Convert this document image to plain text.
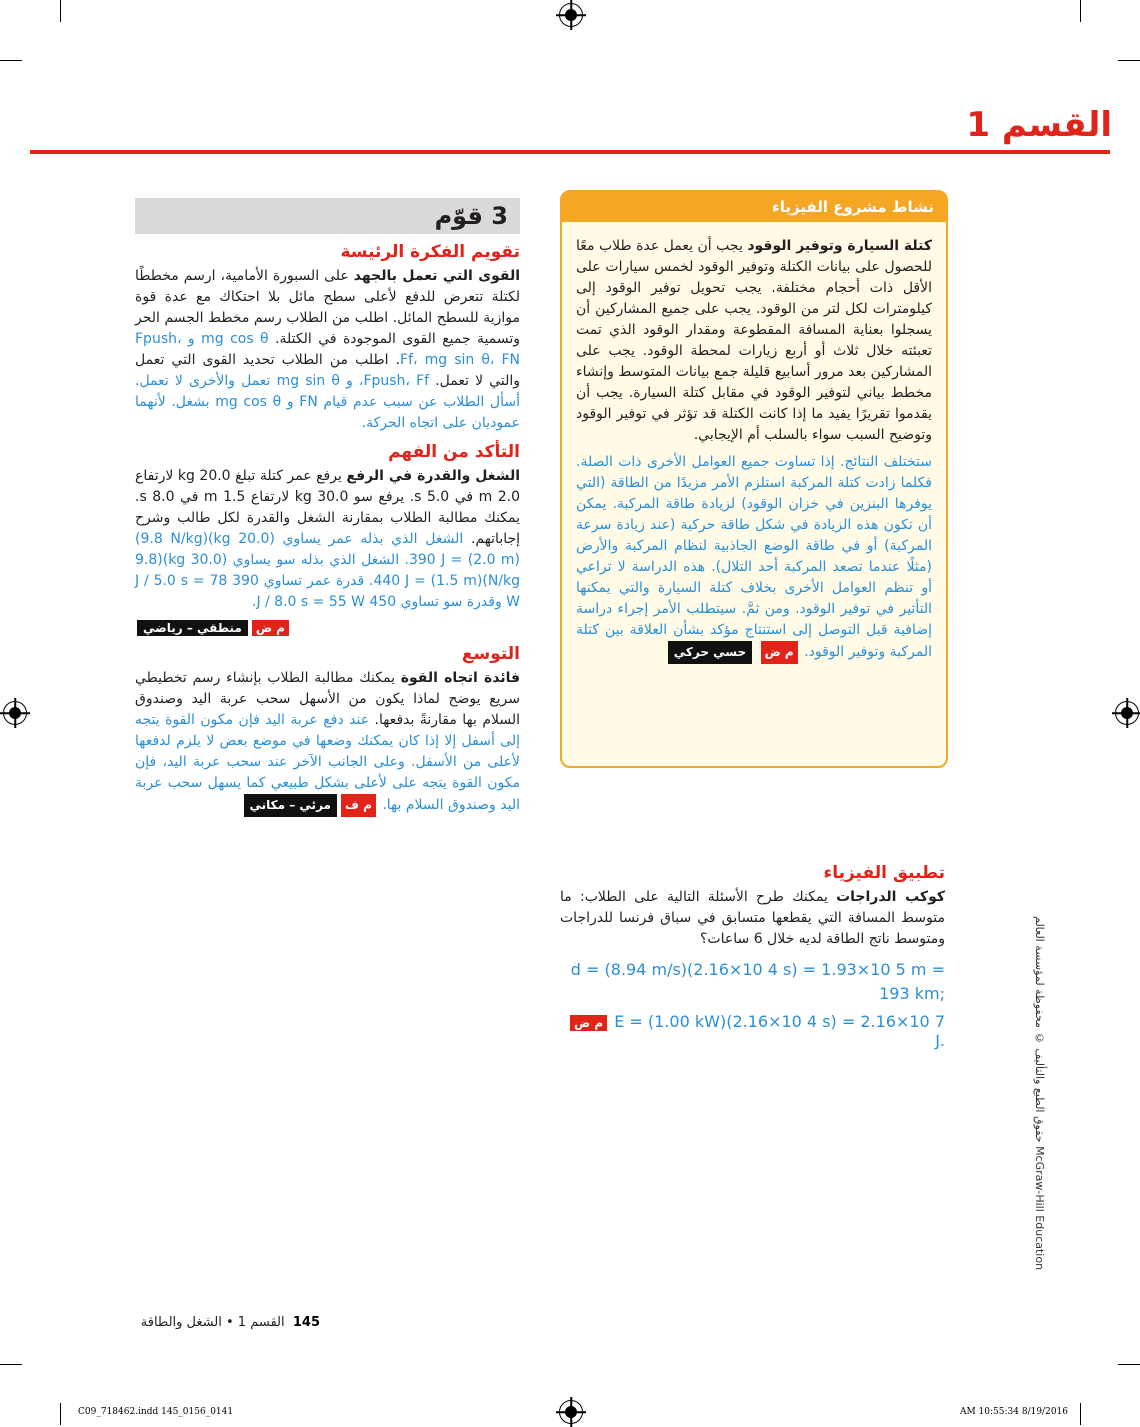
القسم 1
نشاط مشروع الفيزياء

كتلة السيارة وتوفير الوقود يجب أن يعمل عدة طلاب معًا للحصول على بيانات الكتلة وتوفير الوقود لخمس سيارات على الأقل ذات أحجام مختلفة. يجب تحويل توفير الوقود إلى كيلومترات لكل لتر من الوقود. يجب على جميع المشاركين أن يسجلوا بعناية المسافة المقطوعة ومقدار الوقود الذي تمت تعبئته خلال ثلاث أو أربع زيارات لمحطة الوقود. يجب على المشاركين بعد مرور أسابيع قليلة جمع بيانات المتوسط وإنشاء مخطط بياني لتوفير الوقود في مقابل كتلة السيارة. يجب أن يقدموا تقريرًا يفيد ما إذا كانت الكتلة قد تؤثر في توفير الوقود وتوضيح السبب سواء بالسلب أم الإيجابي.

ستختلف النتائج. إذا تساوت جميع العوامل الأخرى ذات الصلة. فكلما زادت كتلة المركبة استلزم الأمر مزيدًا من الطاقة (التي يوفرها البنزين في خزان الوقود) لزيادة طاقة المركبة. يمكن أن تكون هذه الزيادة في شكل طاقة حركية (عند زيادة سرعة المركبة) أو في طاقة الوضع الجاذبية لنظام المركبة والأرض (مثلًا عندما تصعد المركبة أحد التلال). هذه الدراسة لا تراعي أو تنظم العوامل الأخرى بخلاف كتلة السيارة والتي يمكنها التأثير في توفير الوقود. ومن ثمَّ. سيتطلب الأمر إجراء دراسة إضافية قبل التوصل إلى استنتاج مؤكد بشأن العلاقة بين كتلة المركبة وتوفير الوقود. م ض حسي حركي

3 قوّم
تقويم الفكرة الرئيسة
القوى التي تعمل بالجهد على السبورة الأمامية، ارسم مخططًا لكتلة تتعرض للدفع لأعلى سطح مائل بلا احتكاك مع عدة قوة موازية للسطح المائل. اطلب من الطلاب رسم مخطط الجسم الحر وتسمية جميع القوى الموجودة في الكتلة. mg cos θ و Fpush، Ff، mg sin θ، FN. اطلب من الطلاب تحديد القوى التي تعمل والتي لا تعمل. Fpush، Ff، و mg sin θ تعمل والأخرى لا تعمل. أسأل الطلاب عن سبب عدم قيام FN و mg cos θ بشغل. لأنهما عموديان على اتجاه الحركة.
التأكد من الفهم
الشغل والقدرة في الرفع يرفع عمر كتلة تبلغ 20.0 kg لارتفاع 2.0 m في 5.0 s. يرفع سو 30.0 kg لارتفاع 1.5 m في 8.0 s. يمكنك مطالبة الطلاب بمقارنة الشغل والقدرة لكل طالب وشرح إجاباتهم. الشغل الذي بذله عمر يساوي (20.0 kg)(9.8 N/kg)(2.0 m) = 390 J. الشغل الذي بذله سو يساوي (30.0 kg)(9.8 N/kg)(1.5 m) = 440 J. قدرة عمر تساوي 390 J / 5.0 s = 78 W وقدرة سو تساوي 450 J / 8.0 s = 55 W.
م ضمنطقي – رياضي
التوسع
فائدة اتجاه القوة يمكنك مطالبة الطلاب بإنشاء رسم تخطيطي سريع يوضح لماذا يكون من الأسهل سحب عربة اليد وصندوق السلام بها مقارنةً بدفعها. عند دفع عربة اليد فإن مكون القوة يتجه إلى أسفل إلا إذا كان يمكنك وضعها في موضع بعض لا يلزم لدفعها لأعلى من الأسفل. وعلى الجانب الآخر عند سحب عربة اليد، فإن مكون القوة يتجه على لأعلى بشكل طبيعي كما يسهل سحب عربة اليد وصندوق السلام بها. م فمرئي – مكاني
تطبيق الفيزياء
كوكب الدراجات يمكنك طرح الأسئلة التالية على الطلاب: ما متوسط المسافة التي يقطعها متسابق في سباق فرنسا للدراجات ومتوسط ناتج الطاقة لديه خلال 6 ساعات؟
d = (8.94 m/s)(2.16×10 4 s) = 1.93×10 5 m = 193 km;
م ض E = (1.00 kW)(2.16×10 4 s) = 2.16×10 7 J.	McGraw-Hill Education حقوق الطبع والتأليف © محفوظة لمؤسسة العالم
145  القسم 1 • الشغل والطاقة
0141_0156_C09_718462.indd 145	8/19/2016 10:55:34 AM
